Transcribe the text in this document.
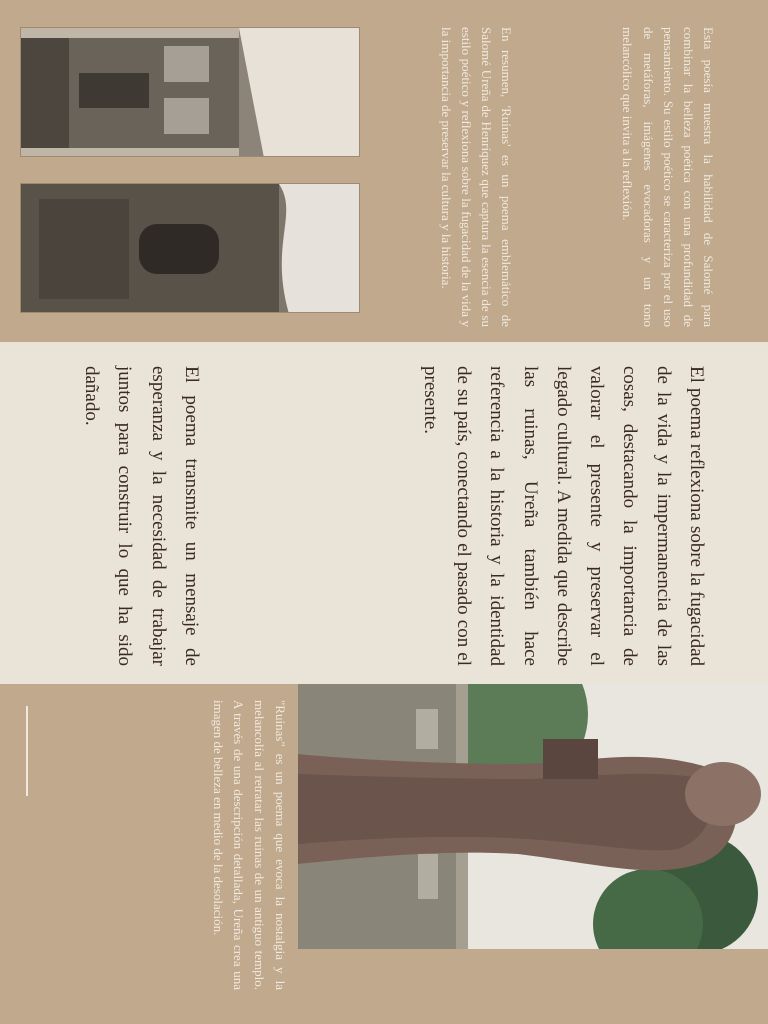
Esta poesía muestra la habilidad de Salomé para combinar la belleza poética con una profundidad de pensamiento. Su estilo poético se caracteriza por el uso de metáforas, imágenes evocadoras y un tono melancólico que invita a la reflexión.
En resumen, 'Ruinas' es un poema emblemático de Salomé Ureña de Henríquez que captura la esencia de su estilo poético y reflexiona sobre la fugacidad de la vida y la importancia de preservar la cultura y la historia.
El poema reflexiona sobre la fugacidad de la vida y la impermanencia de las cosas, destacando la importancia de valorar el presente y preservar el legado cultural. A medida que describe las ruinas, Ureña también hace referencia a la historia y la identidad de su país, conectando el pasado con el presente.
El poema transmite un mensaje de esperanza y la necesidad de trabajar juntos para construir lo que ha sido dañado.
"Ruinas" es un poema que evoca la nostalgia y la melancolía al retratar las ruinas de un antiguo templo. A través de una descripción detallada, Ureña crea una imagen de belleza en medio de la desolación.
